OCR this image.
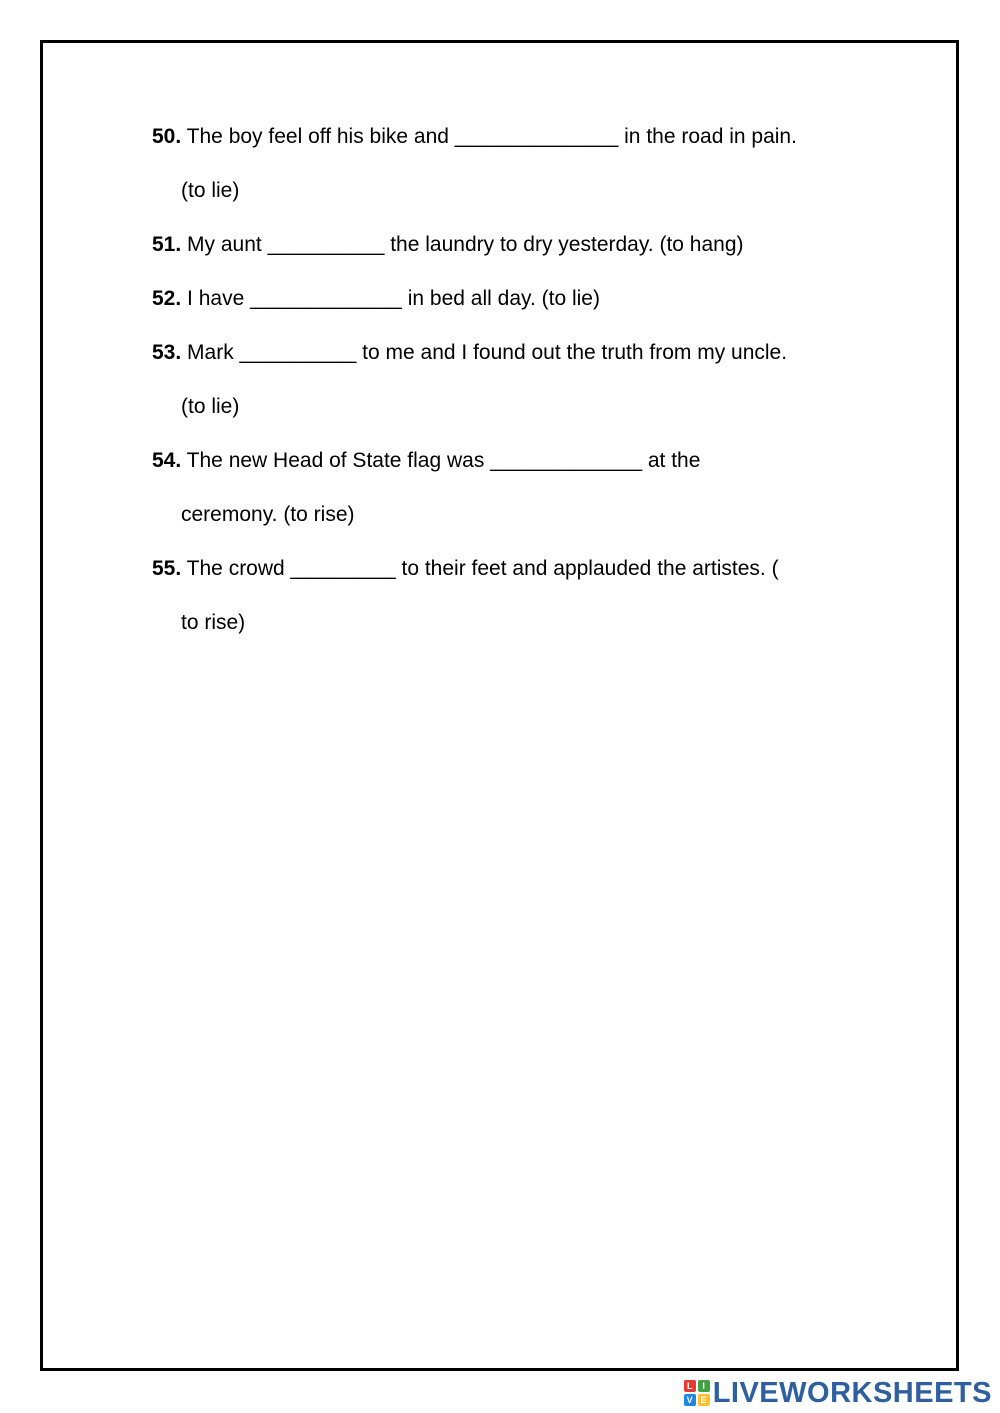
50. The boy feel off his bike and ______________ in the road in pain.
(to lie)
51. My aunt __________ the laundry to dry yesterday. (to hang)
52. I have _____________ in bed all day. (to lie)
53. Mark __________ to me and I found out the truth from my uncle.
(to lie)
54. The new Head of State flag was _____________ at the
ceremony. (to rise)
55. The crowd _________ to their feet and applauded the artistes. (
to rise)
L	I
V E LIVEWORKSHEETS
